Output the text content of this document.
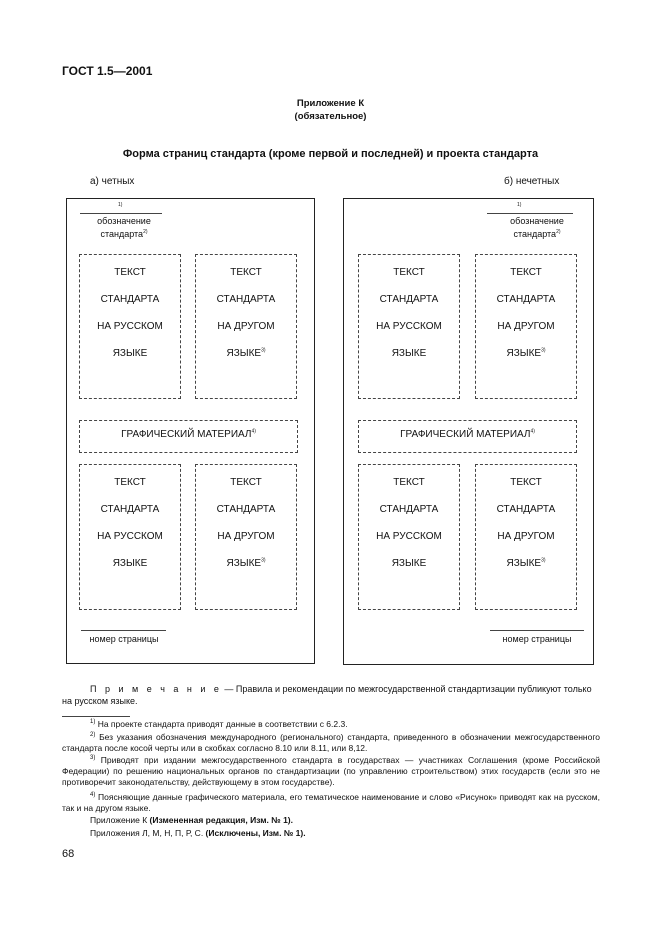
ГОСТ 1.5—2001
Приложение К
(обязательное)
Форма страниц стандарта (кроме первой и последней) и проекта стандарта
а) четных	б) нечетных
1)
обозначение
стандарта$^{2)}$
ТЕКСТ
СТАНДАРТА
НА РУССКОМ
ЯЗЫКЕ
ТЕКСТ
СТАНДАРТА
НА ДРУГОМ
ЯЗЫКЕ$^{3)}$
ГРАФИЧЕСКИЙ МАТЕРИАЛ$^{4)}$
ТЕКСТ
СТАНДАРТА
НА РУССКОМ
ЯЗЫКЕ
ТЕКСТ
СТАНДАРТА
НА ДРУГОМ
ЯЗЫКЕ$^{3)}$
номер страницы
1)
обозначение
стандарта$^{2)}$
ТЕКСТ
СТАНДАРТА
НА РУССКОМ
ЯЗЫКЕ
ТЕКСТ
СТАНДАРТА
НА ДРУГОМ
ЯЗЫКЕ$^{3)}$
ГРАФИЧЕСКИЙ МАТЕРИАЛ$^{4)}$
ТЕКСТ
СТАНДАРТА
НА РУССКОМ
ЯЗЫКЕ
ТЕКСТ
СТАНДАРТА
НА ДРУГОМ
ЯЗЫКЕ$^{3)}$
номер страницы
П р и м е ч а н и е — Правила и рекомендации по межгосударственной стандартизации публикуют только на русском языке.
$^{1)}$ На проекте стандарта приводят данные в соответствии с 6.2.3.
$^{2)}$ Без указания обозначения международного (регионального) стандарта, приведенного в обозначении межгосударственного стандарта после косой черты или в скобках согласно 8.10 или 8.11, или 8,12.
$^{3)}$ Приводят при издании межгосударственного стандарта в государствах — участниках Соглашения (кроме Российской Федерации) по решению национальных органов по стандартизации (по управлению строительством) этих государств (если это не противоречит законодательству, действующему в этом государстве).
$^{4)}$ Поясняющие данные графического материала, его тематическое наименование и слово «Рисунок» приводят как на русском, так и на другом языке.
Приложение К (Измененная редакция, Изм. № 1).
Приложения Л, М, Н, П, Р, С. (Исключены, Изм. № 1).
68
